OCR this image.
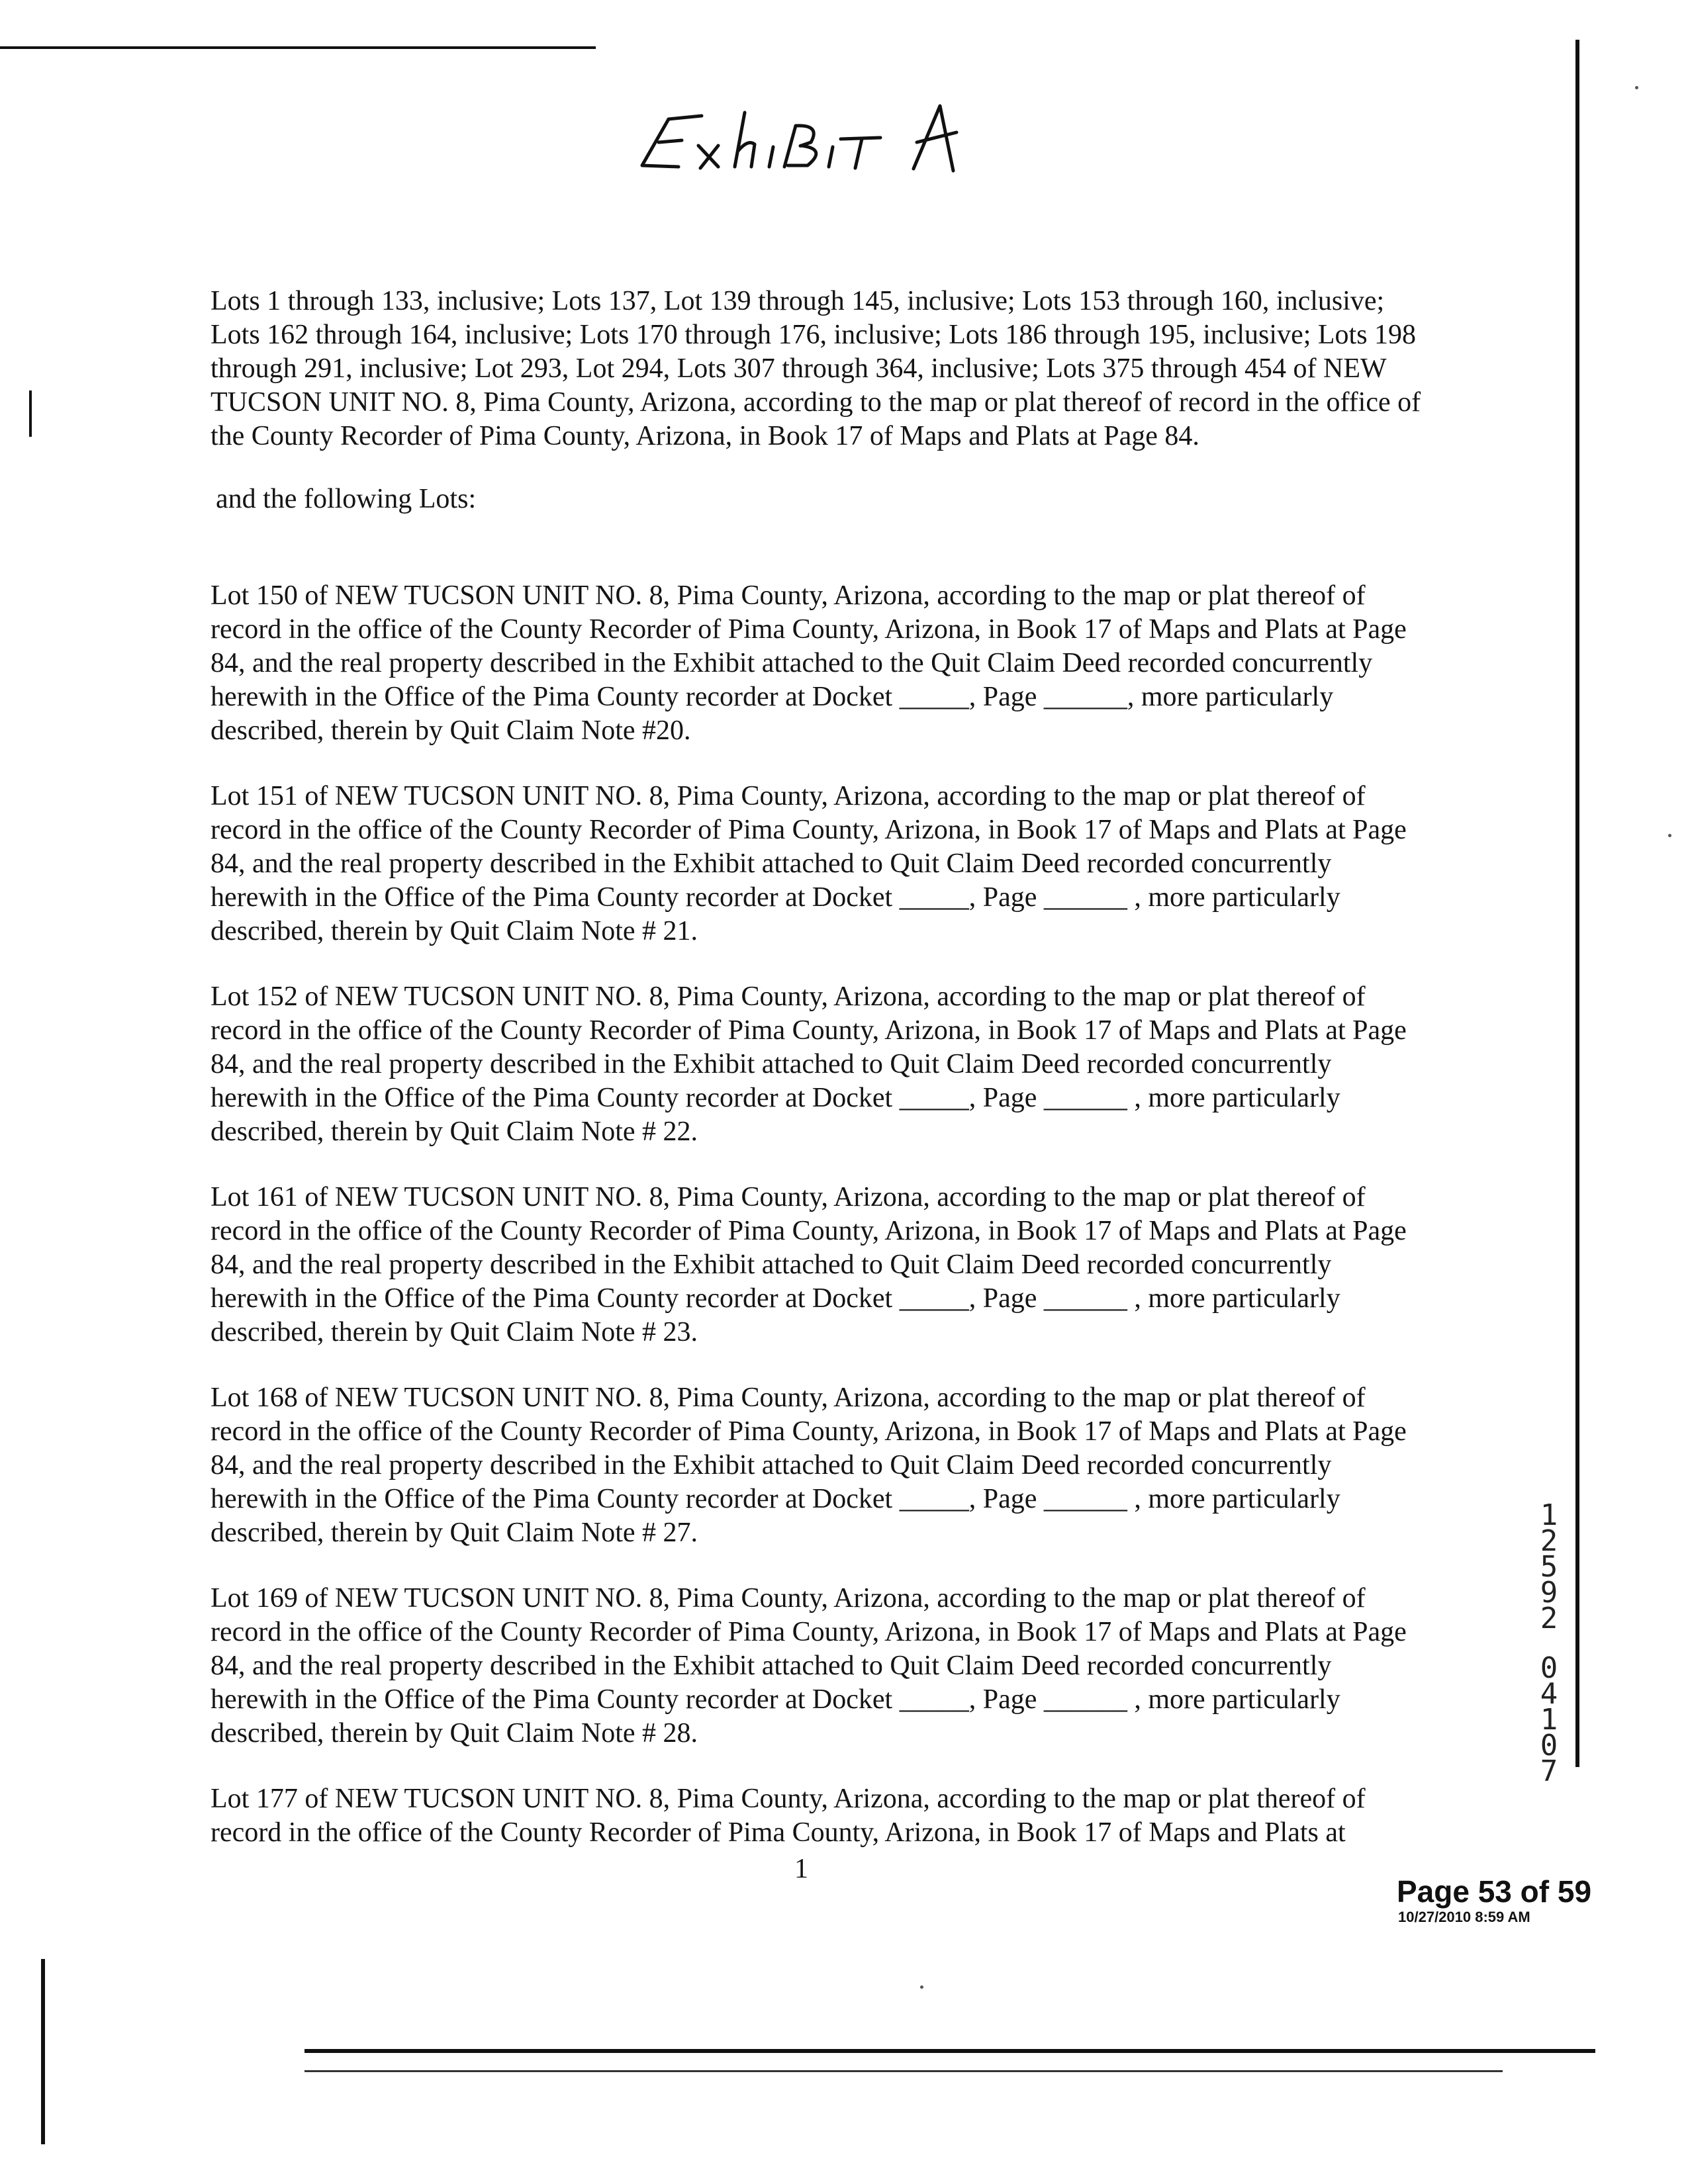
Lots 1 through 133, inclusive; Lots 137, Lot 139 through 145, inclusive; Lots 153 through 160, inclusive; Lots 162 through 164, inclusive; Lots 170 through 176, inclusive; Lots 186 through 195, inclusive; Lots 198 through 291, inclusive; Lot 293, Lot 294, Lots 307 through 364, inclusive; Lots 375 through 454 of NEW TUCSON UNIT NO. 8, Pima County, Arizona, according to the map or plat thereof of record in the office of the County Recorder of Pima County, Arizona, in Book 17 of Maps and Plats at Page 84.

and the following Lots:

Lot 150 of NEW TUCSON UNIT NO. 8, Pima County, Arizona, according to the map or plat thereof of record in the office of the County Recorder of Pima County, Arizona, in Book 17 of Maps and Plats at Page 84, and the real property described in the Exhibit attached to the Quit Claim Deed recorded concurrently herewith in the Office of the Pima County recorder at Docket _____, Page ______, more particularly described, therein by Quit Claim Note #20.

Lot 151 of NEW TUCSON UNIT NO. 8, Pima County, Arizona, according to the map or plat thereof of record in the office of the County Recorder of Pima County, Arizona, in Book 17 of Maps and Plats at Page 84, and the real property described in the Exhibit attached to Quit Claim Deed recorded concurrently herewith in the Office of the Pima County recorder at Docket _____, Page ______ , more particularly described, therein by Quit Claim Note # 21.

Lot 152 of NEW TUCSON UNIT NO. 8, Pima County, Arizona, according to the map or plat thereof of record in the office of the County Recorder of Pima County, Arizona, in Book 17 of Maps and Plats at Page 84, and the real property described in the Exhibit attached to Quit Claim Deed recorded concurrently herewith in the Office of the Pima County recorder at Docket _____, Page ______ , more particularly described, therein by Quit Claim Note # 22.

Lot 161 of NEW TUCSON UNIT NO. 8, Pima County, Arizona, according to the map or plat thereof of record in the office of the County Recorder of Pima County, Arizona, in Book 17 of Maps and Plats at Page 84, and the real property described in the Exhibit attached to Quit Claim Deed recorded concurrently herewith in the Office of the Pima County recorder at Docket _____, Page ______ , more particularly described, therein by Quit Claim Note # 23.

Lot 168 of NEW TUCSON UNIT NO. 8, Pima County, Arizona, according to the map or plat thereof of record in the office of the County Recorder of Pima County, Arizona, in Book 17 of Maps and Plats at Page 84, and the real property described in the Exhibit attached to Quit Claim Deed recorded concurrently herewith in the Office of the Pima County recorder at Docket _____, Page ______ , more particularly described, therein by Quit Claim Note # 27.

Lot 169 of NEW TUCSON UNIT NO. 8, Pima County, Arizona, according to the map or plat thereof of record in the office of the County Recorder of Pima County, Arizona, in Book 17 of Maps and Plats at Page 84, and the real property described in the Exhibit attached to Quit Claim Deed recorded concurrently herewith in the Office of the Pima County recorder at Docket _____, Page ______ , more particularly described, therein by Quit Claim Note # 28.

Lot 177 of NEW TUCSON UNIT NO. 8, Pima County, Arizona, according to the map or plat thereof of record in the office of the County Recorder of Pima County, Arizona, in Book 17 of Maps and Plats at

1
2
5
9
2
0
4
1
0
7
1
Page 53 of 59
10/27/2010 8:59 AM
